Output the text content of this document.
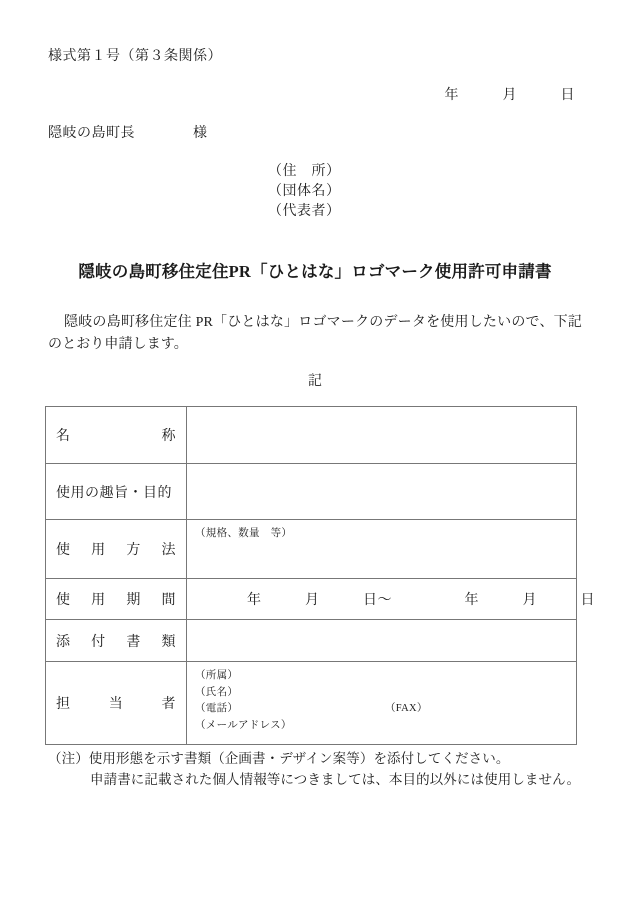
様式第１号（第３条関係）
年　　　月　　　日
隠岐の島町長　　　　様
（住　所）
（団体名）
（代表者）
隠岐の島町移住定住PR「ひとはな」ロゴマーク使用許可申請書
隠岐の島町移住定住 PR「ひとはな」ロゴマークのデータを使用したいので、下記のとおり申請します。
記
名称	
使用の趣旨・目的	
使用方法	（規格、数量　等）

使用期間	年　　　月　　　日〜　　　　　年　　　月　　　日

添付書類	
担当者	（所属）
（氏名）
（電話） （FAX）
（メールアドレス）
（注）使用形態を示す書類（企画書・デザイン案等）を添付してください。
申請書に記載された個人情報等につきましては、本目的以外には使用しません。
